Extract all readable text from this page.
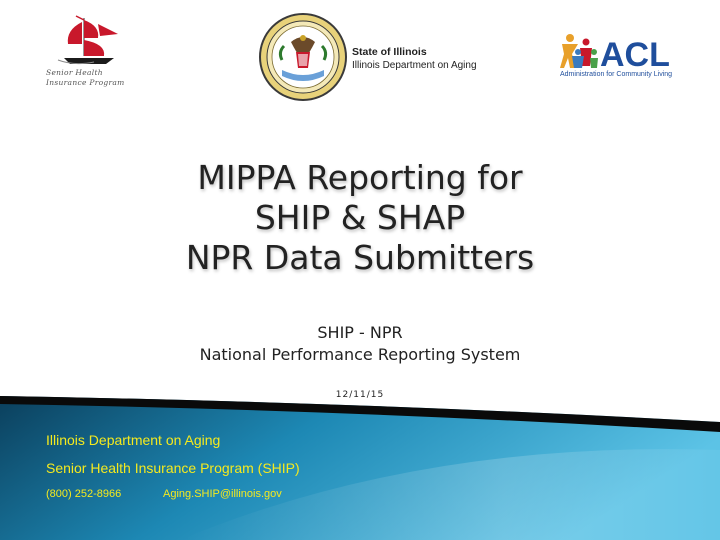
Senior Health
Insurance Program
State of Illinois
Illinois Department on Aging	ACL
Administration for Community Living
MIPPA Reporting for
SHIP & SHAP
NPR Data Submitters
SHIP - NPR
National Performance Reporting System
12/11/15
Illinois Department on Aging
Senior Health Insurance Program (SHIP)
(800) 252-8966	Aging.SHIP@illinois.gov
